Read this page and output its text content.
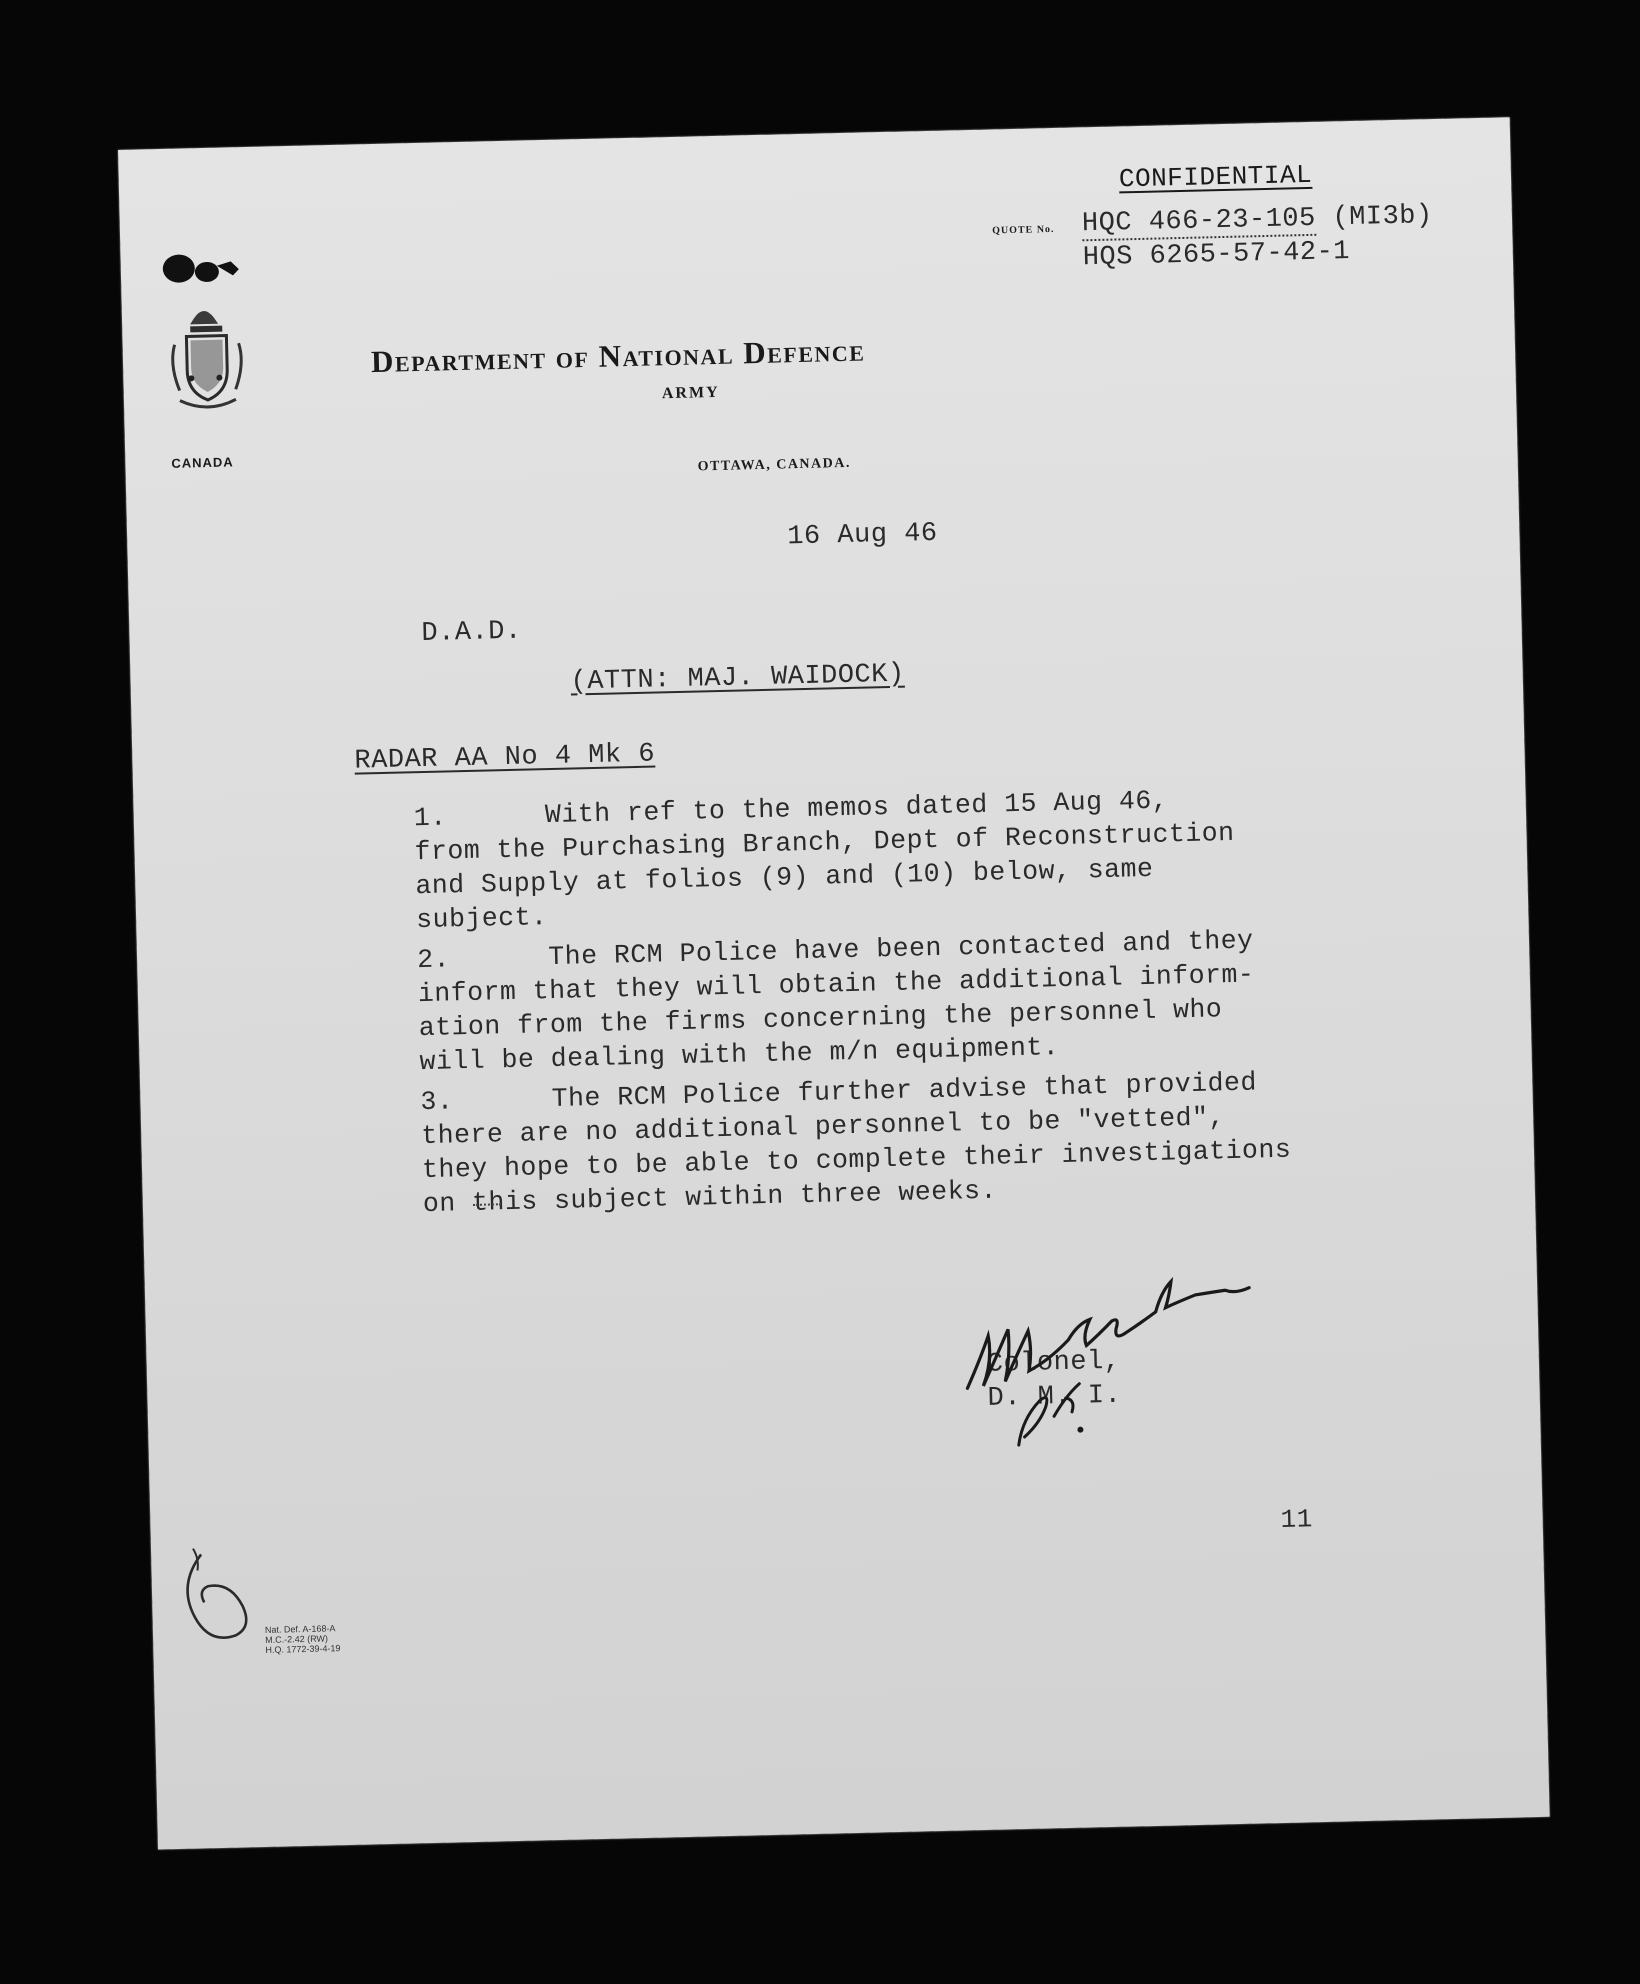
CONFIDENTIAL
QUOTE No. HQC 466-23-105 (MI3b)
HQS 6265-57-42-1
CANADA
Department of National Defence
ARMY
OTTAWA, CANADA.
16 Aug 46
D.A.D.
(ATTN: MAJ. WAIDOCK)
RADAR AA No 4 Mk 6
1.      With ref to the memos dated 15 Aug 46,
from the Purchasing Branch, Dept of Reconstruction
and Supply at folios (9) and (10) below, same
subject.
2.      The RCM Police have been contacted and they
inform that they will obtain the additional inform-
ation from the firms concerning the personnel who
will be dealing with the m/n equipment.
3.      The RCM Police further advise that provided
there are no additional personnel to be "vetted",
they hope to be able to complete their investigations
on this subject within three weeks.
Colonel,
D. M. I.
11
Nat. Def. A-168-A
M.C.-2.42 (RW)
H.Q. 1772-39-4-19
